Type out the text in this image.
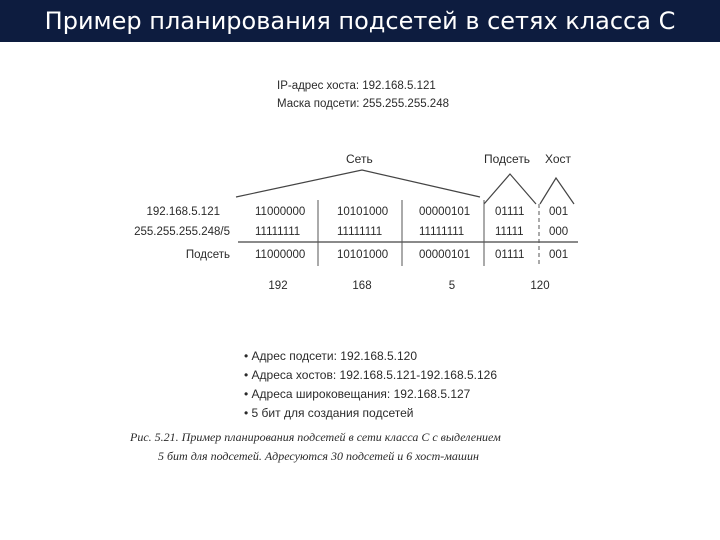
Пример планирования подсетей в сетях класса С
IP-адрес хоста: 192.168.5.121
Маска подсети: 255.255.255.248
Сеть	Подсеть Хост
192.168.5.121	11000000	10101000	00000101 01111 001
255.255.255.248/5 11111111	11111111	11111111	11111 000
Подсеть 11000000	10101000	00000101 01111 001
192	168	5	120
• Адрес подсети: 192.168.5.120
• Адреса хостов: 192.168.5.121-192.168.5.126
• Адреса широковещания: 192.168.5.127
• 5 бит для создания подсетей
Рис. 5.21. Пример планирования подсетей в сети класса С с выделением
5 бит для подсетей. Адресуются 30 подсетей и 6 хост-машин
